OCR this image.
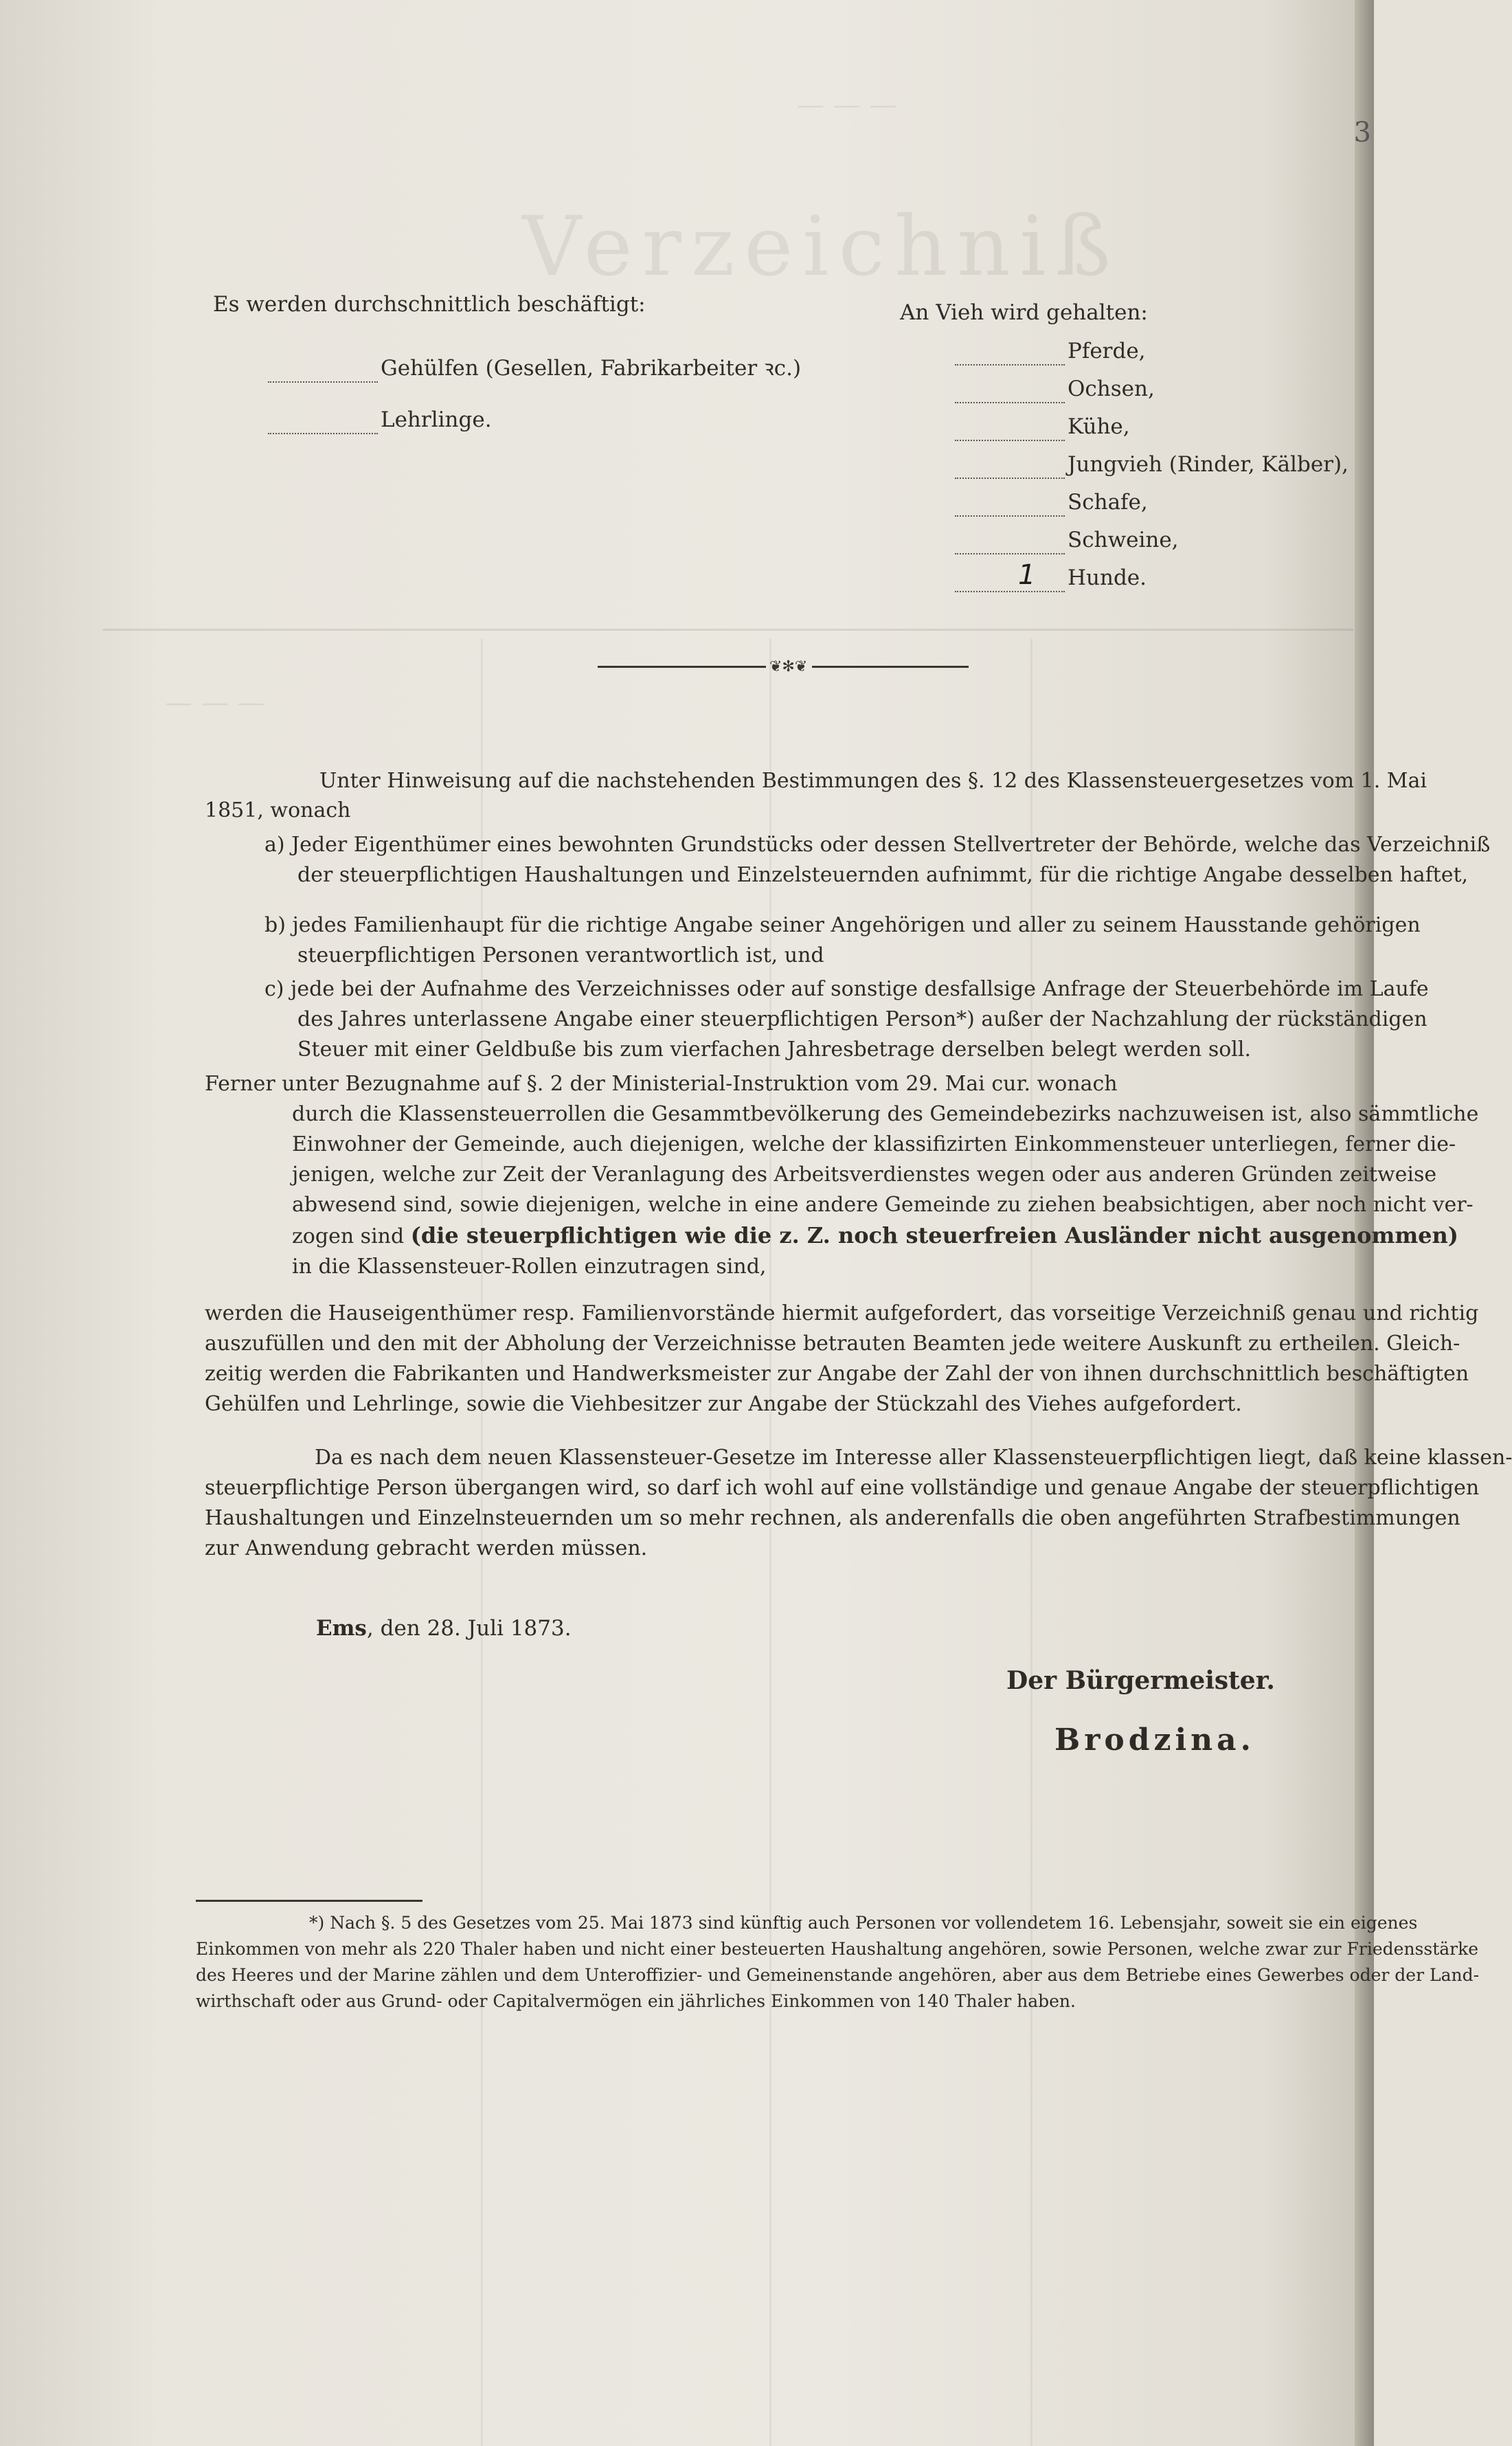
3
Verzeichniß
— — —
— — —
Es werden durchschnittlich beschäftigt:
Gehülfen (Gesellen, Fabrikarbeiter ꝛc.)
Lehrlinge.
An Vieh wird gehalten:
Pferde,
Ochsen,
Kühe,
Jungvieh (Rinder, Kälber),
Schafe,
Schweine,

1 Hunde.
❦✻❦
Unter Hinweisung auf die nachstehenden Bestimmungen des §. 12 des Klassensteuergesetzes vom 1. Mai
1851, wonach
a) Jeder Eigenthümer eines bewohnten Grundstücks oder dessen Stellvertreter der Behörde, welche das Verzeichniß
der steuerpflichtigen Haushaltungen und Einzelsteuernden aufnimmt, für die richtige Angabe desselben haftet,
b) jedes Familienhaupt für die richtige Angabe seiner Angehörigen und aller zu seinem Hausstande gehörigen
steuerpflichtigen Personen verantwortlich ist, und
c) jede bei der Aufnahme des Verzeichnisses oder auf sonstige desfallsige Anfrage der Steuerbehörde im Laufe
des Jahres unterlassene Angabe einer steuerpflichtigen Person*) außer der Nachzahlung der rückständigen
Steuer mit einer Geldbuße bis zum vierfachen Jahresbetrage derselben belegt werden soll.
Ferner unter Bezugnahme auf §. 2 der Ministerial-Instruktion vom 29. Mai cur. wonach
durch die Klassensteuerrollen die Gesammtbevölkerung des Gemeindebezirks nachzuweisen ist, also sämmtliche
Einwohner der Gemeinde, auch diejenigen, welche der klassifizirten Einkommensteuer unterliegen, ferner die-
jenigen, welche zur Zeit der Veranlagung des Arbeitsverdienstes wegen oder aus anderen Gründen zeitweise
abwesend sind, sowie diejenigen, welche in eine andere Gemeinde zu ziehen beabsichtigen, aber noch nicht ver-
zogen sind (die steuerpflichtigen wie die z. Z. noch steuerfreien Ausländer nicht ausgenommen)
in die Klassensteuer-Rollen einzutragen sind,
werden die Hauseigenthümer resp. Familienvorstände hiermit aufgefordert, das vorseitige Verzeichniß genau und richtig
auszufüllen und den mit der Abholung der Verzeichnisse betrauten Beamten jede weitere Auskunft zu ertheilen. Gleich-
zeitig werden die Fabrikanten und Handwerksmeister zur Angabe der Zahl der von ihnen durchschnittlich beschäftigten
Gehülfen und Lehrlinge, sowie die Viehbesitzer zur Angabe der Stückzahl des Viehes aufgefordert.
Da es nach dem neuen Klassensteuer-Gesetze im Interesse aller Klassensteuerpflichtigen liegt, daß keine klassen-
steuerpflichtige Person übergangen wird, so darf ich wohl auf eine vollständige und genaue Angabe der steuerpflichtigen
Haushaltungen und Einzelnsteuernden um so mehr rechnen, als anderenfalls die oben angeführten Strafbestimmungen
zur Anwendung gebracht werden müssen.
Ems, den 28. Juli 1873.
Der Bürgermeister.
Brodzina.
*) Nach §. 5 des Gesetzes vom 25. Mai 1873 sind künftig auch Personen vor vollendetem 16. Lebensjahr, soweit sie ein eigenes
Einkommen von mehr als 220 Thaler haben und nicht einer besteuerten Haushaltung angehören, sowie Personen, welche zwar zur Friedensstärke
des Heeres und der Marine zählen und dem Unteroffizier- und Gemeinenstande angehören, aber aus dem Betriebe eines Gewerbes oder der Land-
wirthschaft oder aus Grund- oder Capitalvermögen ein jährliches Einkommen von 140 Thaler haben.
